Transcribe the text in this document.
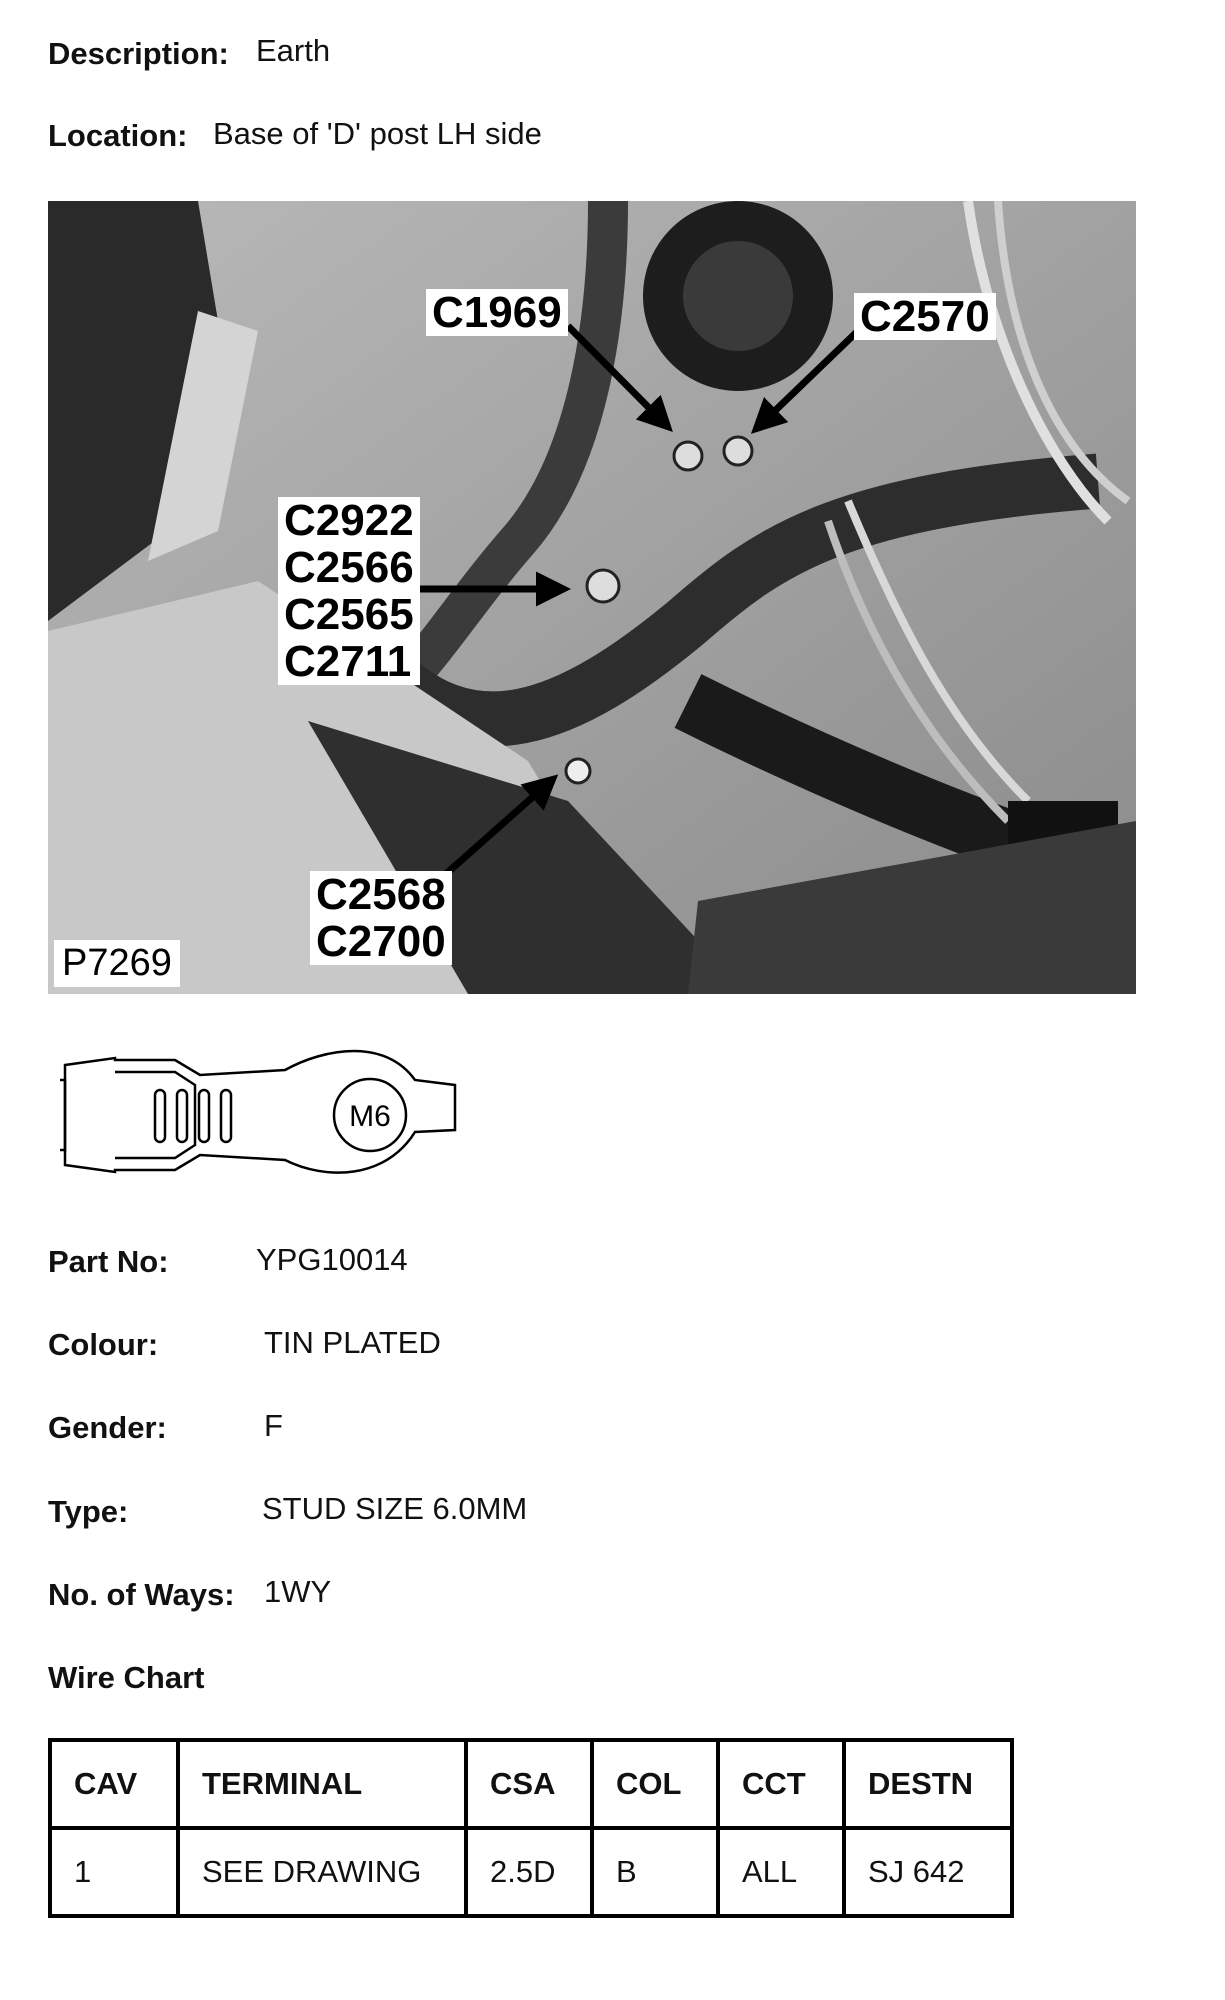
Description: Earth
Location: Base of 'D' post LH side
C1969	C2570
C2922
C2566
C2565
C2711
C2568
C2700
P7269
M6
Part No:	YPG10014
Colour:	TIN PLATED
Gender:	F
Type:	STUD SIZE 6.0MM
No. of Ways: 1WY
Wire Chart
CAV	TERMINAL	CSA	COL	CCT	DESTN
1	SEE DRAWING	2.5D	B	ALL	SJ 642
